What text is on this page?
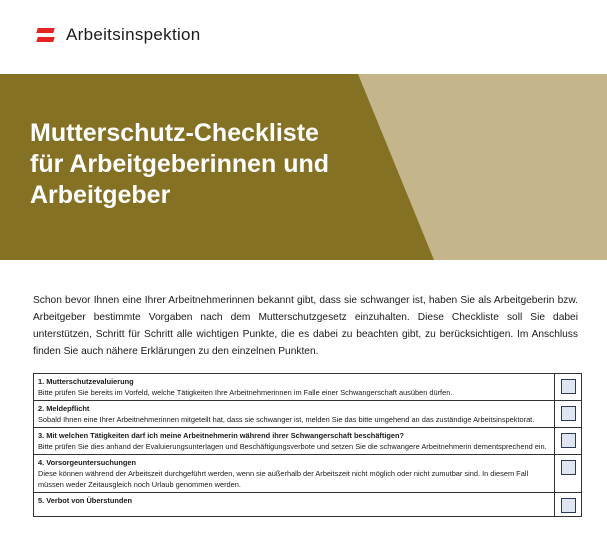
Arbeitsinspektion
Mutterschutz-Checkliste
für Arbeitgeberinnen und
Arbeitgeber

Schon bevor Ihnen eine Ihrer Arbeitnehmerinnen bekannt gibt, dass sie schwanger ist, haben Sie als Arbeitgeberin bzw. Arbeitgeber bestimmte Vorgaben nach dem Mutterschutzgesetz einzuhalten. Diese Checkliste soll Sie dabei unterstützen, Schritt für Schritt alle wichtigen Punkte, die es dabei zu beachten gibt, zu berücksichtigen. Im Anschluss finden Sie auch nähere Erklärungen zu den einzelnen Punkten.

1. Mutterschutzevaluierung
Bitte prüfen Sie bereits im Vorfeld, welche Tätigkeiten Ihre Arbeitnehmerinnen im Falle einer Schwangerschaft ausüben dürfen.	

2. Meldepflicht
Sobald Ihnen eine Ihrer Arbeitnehmerinnen mitgeteilt hat, dass sie schwanger ist, melden Sie das bitte umgehend an das zuständige Arbeitsinspektorat.	

3. Mit welchen Tätigkeiten darf ich meine Arbeitnehmerin während ihrer Schwangerschaft beschäftigen?
Bitte prüfen Sie dies anhand der Evaluierungsunterlagen und Beschäftigungsverbote und setzen Sie die schwangere Arbeitnehmerin dementsprechend ein.	

4. Vorsorgeuntersuchungen
Diese können während der Arbeitszeit durchgeführt werden, wenn sie außerhalb der Arbeitszeit nicht möglich oder nicht zumutbar sind. In diesem Fall müssen weder Zeitausgleich noch Urlaub genommen werden.	

5. Verbot von Überstunden	
